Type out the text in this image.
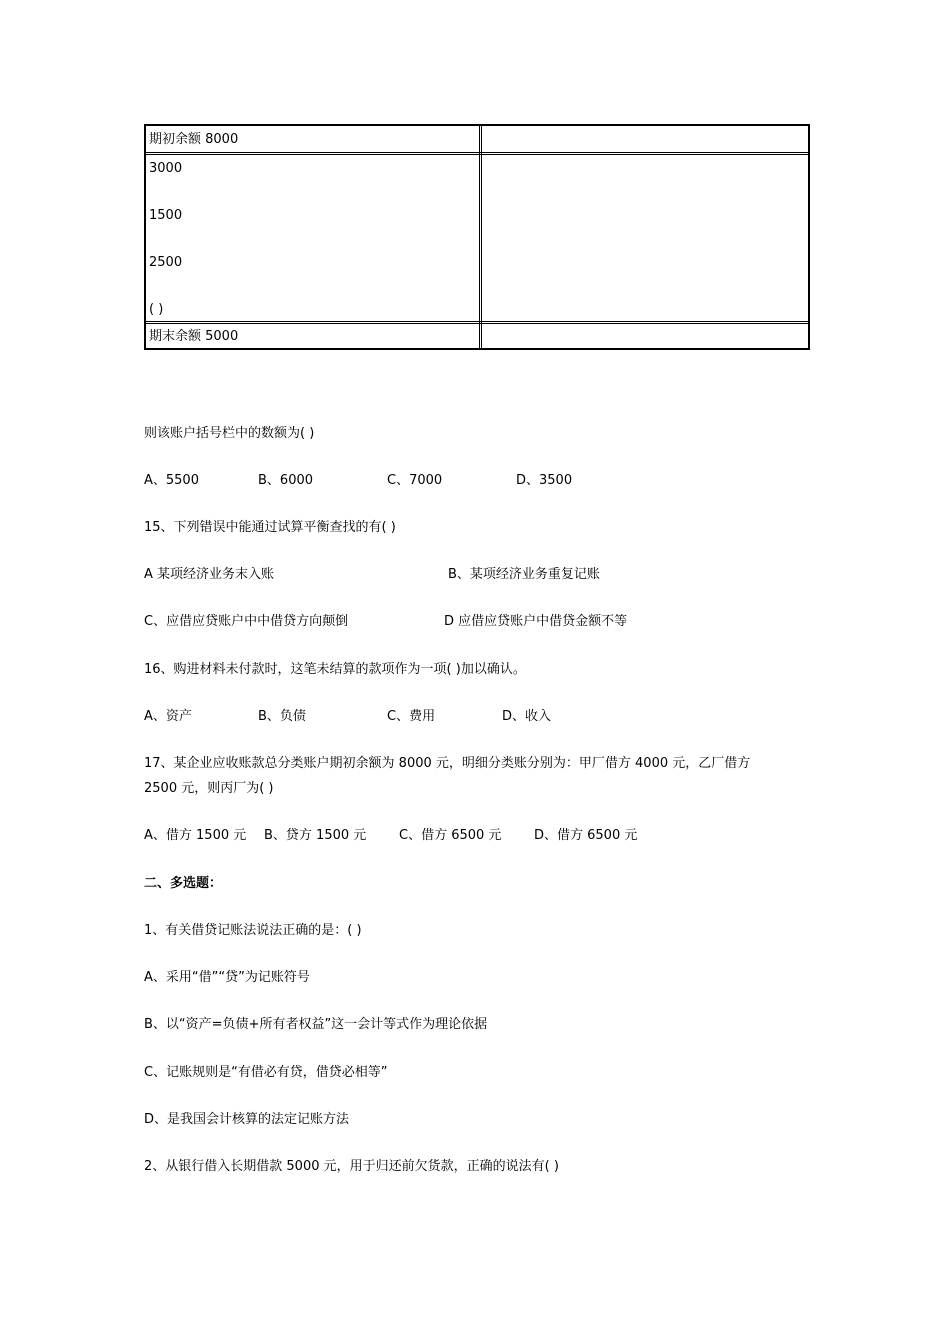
期初余额 8000
3000
1500
2500
( )
期末余额 5000
则该账户括号栏中的数额为( )
A、5500	B、6000	C、7000	D、3500
15、下列错误中能通过试算平衡查找的有( )
A 某项经济业务末入账	B、某项经济业务重复记账
C、应借应贷账户中中借贷方向颠倒	D 应借应贷账户中借贷金额不等
16、购进材料未付款时，这笔未结算的款项作为一项( )加以确认。
A、资产	B、负债	C、费用	D、收入
17、某企业应收账款总分类账户期初余额为 8000 元，明细分类账分别为：甲厂借方 4000 元，乙厂借方
2500 元，则丙厂为( )
A、借方 1500 元 B、贷方 1500 元	C、借方 6500 元	D、借方 6500 元
二、多选题：
1、有关借贷记账法说法正确的是：( )
A、采用“借”“贷”为记账符号
B、以“资产=负债+所有者权益”这一会计等式作为理论依据
C、记账规则是“有借必有贷，借贷必相等”
D、是我国会计核算的法定记账方法
2、从银行借入长期借款 5000 元，用于归还前欠货款，正确的说法有( )
